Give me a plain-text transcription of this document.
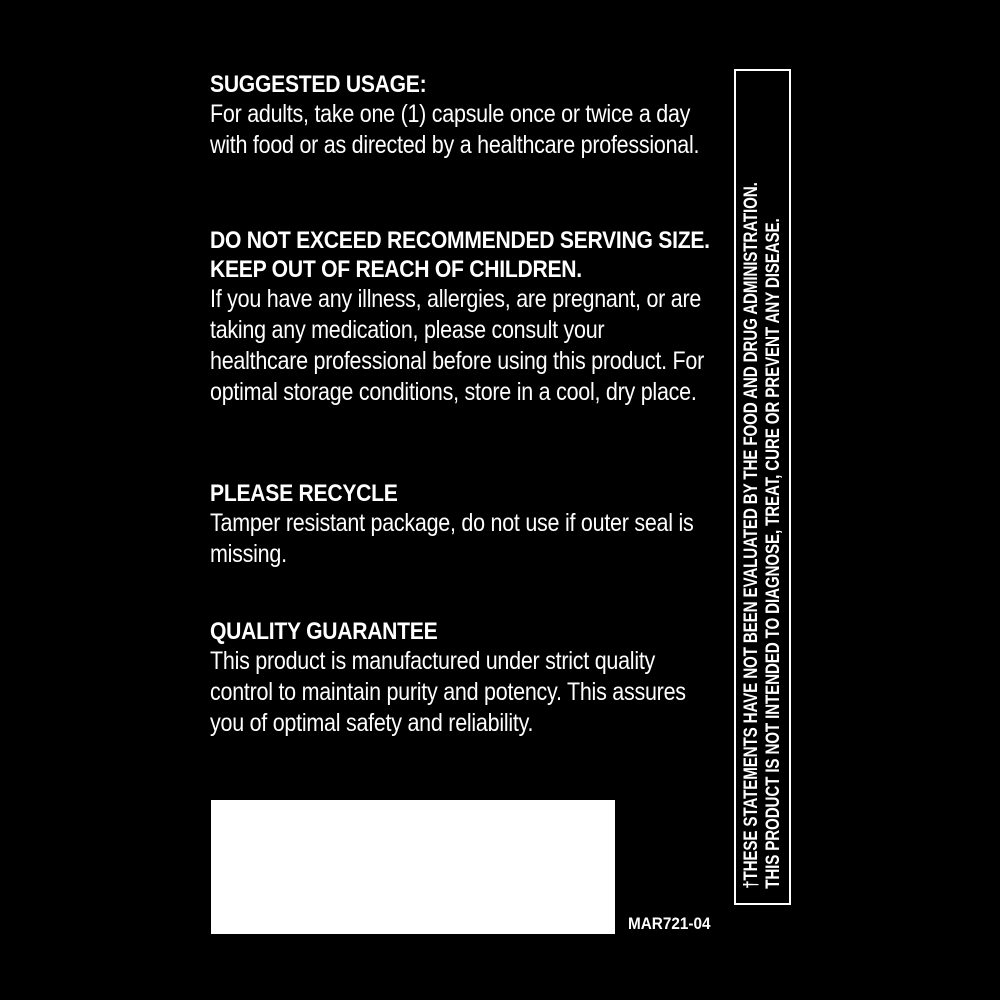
SUGGESTED USAGE:
For adults, take one (1) capsule once or twice a day with food or as directed by a healthcare professional.
DO NOT EXCEED RECOMMENDED SERVING SIZE.
KEEP OUT OF REACH OF CHILDREN.
If you have any illness, allergies, are pregnant, or are taking any medication, please consult your healthcare professional before using this product. For optimal storage conditions, store in a cool, dry place.
PLEASE RECYCLE
Tamper resistant package, do not use if outer seal is missing.
QUALITY GUARANTEE
This product is manufactured under strict quality control to maintain purity and potency. This assures you of optimal safety and reliability.
MAR721-04
†THESE STATEMENTS HAVE NOT BEEN EVALUATED BY THE FOOD AND DRUG ADMINISTRATION. THIS PRODUCT IS NOT INTENDED TO DIAGNOSE, TREAT, CURE OR PREVENT ANY DISEASE.
